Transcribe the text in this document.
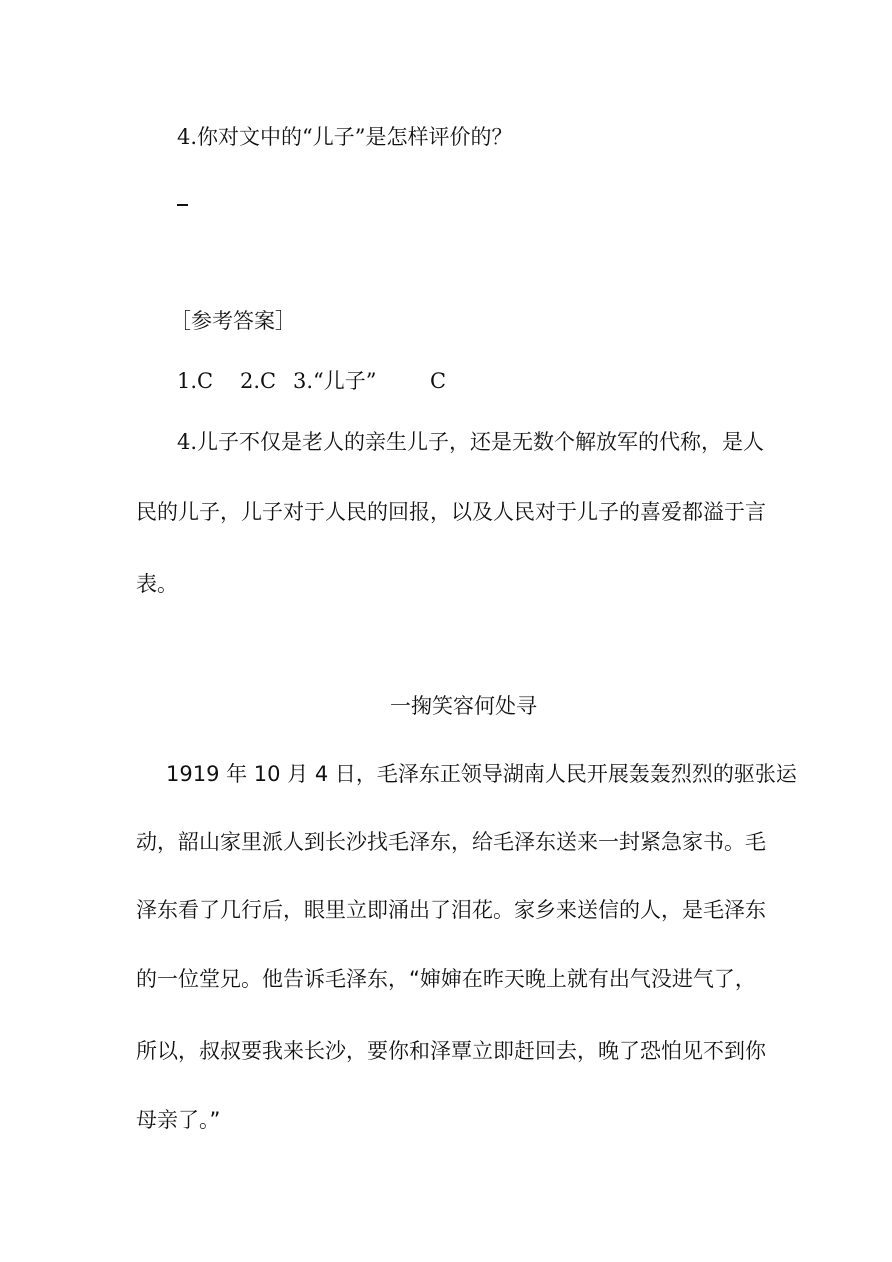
4.你对文中的“儿子”是怎样评价的？
［参考答案］
1.C 2.C 3.“儿子”	C
4.儿子不仅是老人的亲生儿子，还是无数个解放军的代称，是人
民的儿子，儿子对于人民的回报，以及人民对于儿子的喜爱都溢于言
表。
一掬笑容何处寻
1919 年 10 月 4 日，毛泽东正领导湖南人民开展轰轰烈烈的驱张运
动，韶山家里派人到长沙找毛泽东，给毛泽东送来一封紧急家书。毛
泽东看了几行后，眼里立即涌出了泪花。家乡来送信的人，是毛泽东
的一位堂兄。他告诉毛泽东，“婶婶在昨天晚上就有出气没进气了，
所以，叔叔要我来长沙，要你和泽覃立即赶回去，晚了恐怕见不到你
母亲了。”
